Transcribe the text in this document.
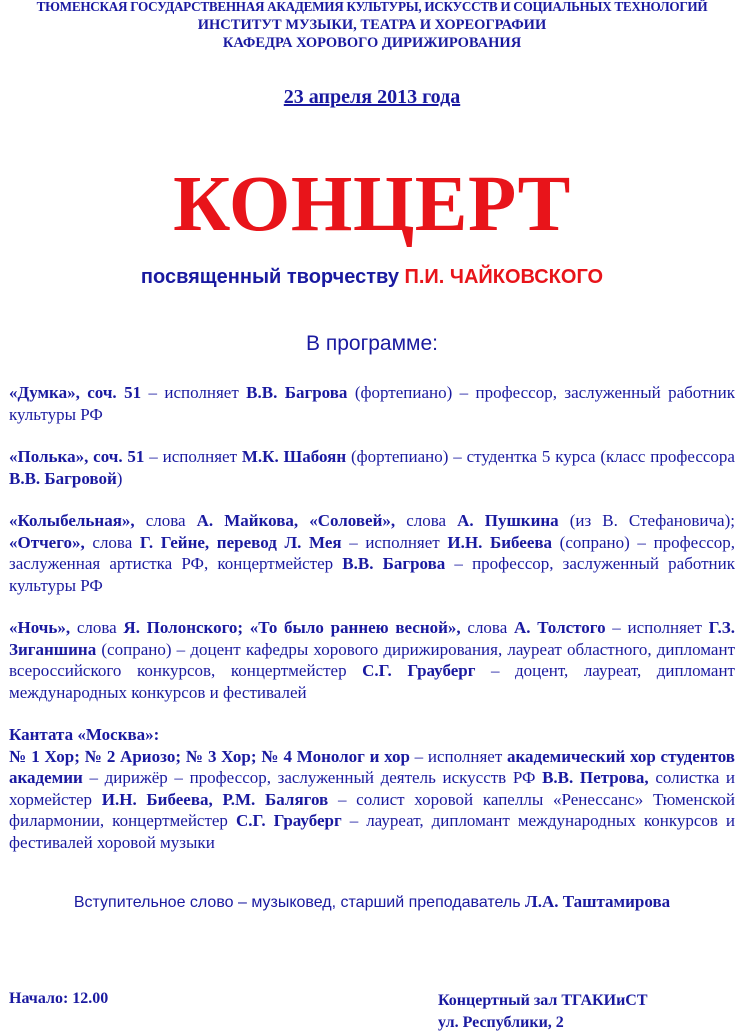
ТЮМЕНСКАЯ ГОСУДАРСТВЕННАЯ АКАДЕМИЯ КУЛЬТУРЫ, ИСКУССТВ И СОЦИАЛЬНЫХ ТЕХНОЛОГИЙ
ИНСТИТУТ МУЗЫКИ, ТЕАТРА И ХОРЕОГРАФИИ
КАФЕДРА ХОРОВОГО ДИРИЖИРОВАНИЯ
23 апреля 2013 года
КОНЦЕРТ
посвященный творчеству П.И. ЧАЙКОВСКОГО
В программе:

«Думка», соч. 51 – исполняет В.В. Багрова (фортепиано) – профессор, заслуженный работник культуры РФ

«Полька», соч. 51 – исполняет М.К. Шабоян (фортепиано) – студентка 5 курса (класс профессора В.В. Багровой)

«Колыбельная», слова А. Майкова, «Соловей», слова А. Пушкина (из В. Стефановича); «Отчего», слова Г. Гейне, перевод Л. Мея – исполняет И.Н. Бибеева (сопрано) – профессор, заслуженная артистка РФ, концертмейстер В.В. Багрова – профессор, заслуженный работник культуры РФ

«Ночь», слова Я. Полонского; «То было раннею весной», слова А. Толстого – исполняет Г.З. Зиганшина (сопрано) – доцент кафедры хорового дирижирования, лауреат областного, дипломант всероссийского конкурсов, концертмейстер С.Г. Грауберг – доцент, лауреат, дипломант международных конкурсов и фестивалей

Кантата «Москва»:
№ 1 Хор; № 2 Ариозо; № 3 Хор; № 4 Монолог и хор – исполняет академический хор студентов академии – дирижёр – профессор, заслуженный деятель искусств РФ В.В. Петрова, солистка и хормейстер И.Н. Бибеева, Р.М. Балягов – солист хоровой капеллы «Ренессанс» Тюменской филармонии, концертмейстер С.Г. Грауберг – лауреат, дипломант международных конкурсов и фестивалей хоровой музыки

Вступительное слово – музыковед, старший преподаватель Л.А. Таштамирова
Начало: 12.00	Концертный зал ТГАКИиСТ
ул. Республики, 2
